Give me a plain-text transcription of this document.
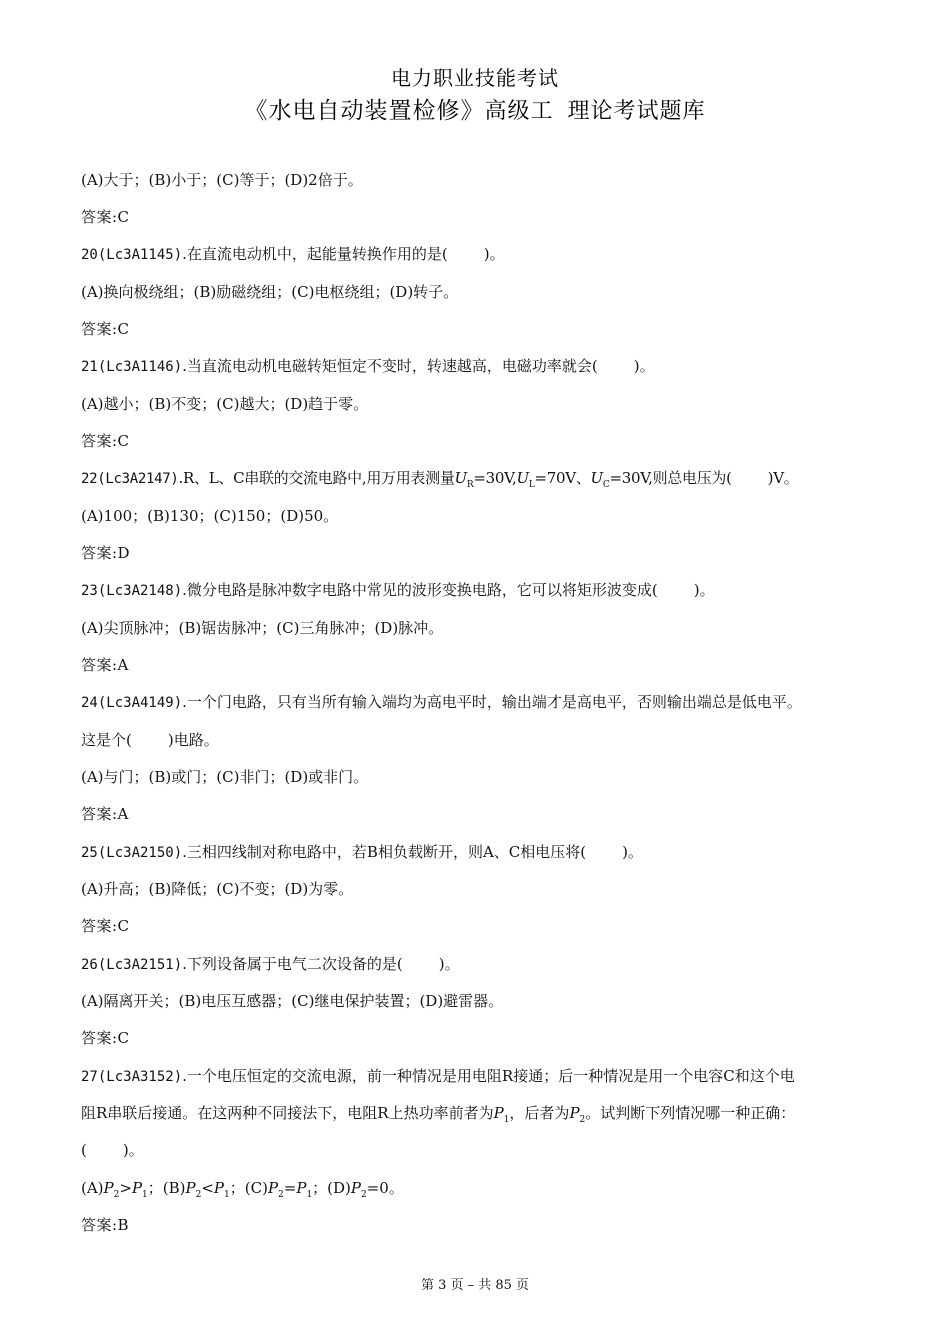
电力职业技能考试
《水电自动装置检修》高级工 理论考试题库
(A)大于；(B)小于；(C)等于；(D)2倍于。
答案:C
20(Lc3A1145).在直流电动机中，起能量转换作用的是( )。
(A)换向极绕组；(B)励磁绕组；(C)电枢绕组；(D)转子。
答案:C
21(Lc3A1146).当直流电动机电磁转矩恒定不变时，转速越高，电磁功率就会( )。
(A)越小；(B)不变；(C)越大；(D)趋于零。
答案:C
22(Lc3A2147).R、L、C串联的交流电路中,用万用表测量$U_R=30V,U_L=70V$、$U_C=30V$,则总电压为( )V。
(A)100；(B)130；(C)150；(D)50。
答案:D
23(Lc3A2148).微分电路是脉冲数字电路中常见的波形变换电路，它可以将矩形波变成( )。
(A)尖顶脉冲；(B)锯齿脉冲；(C)三角脉冲；(D)脉冲。
答案:A
24(Lc3A4149).一个门电路，只有当所有输入端均为高电平时，输出端才是高电平，否则输出端总是低电平。
这是个( )电路。
(A)与门；(B)或门；(C)非门；(D)或非门。
答案:A
25(Lc3A2150).三相四线制对称电路中，若B相负载断开，则A、C相电压将( )。
(A)升高；(B)降低；(C)不变；(D)为零。
答案:C
26(Lc3A2151).下列设备属于电气二次设备的是( )。
(A)隔离开关；(B)电压互感器；(C)继电保护装置；(D)避雷器。
答案:C
27(Lc3A3152).一个电压恒定的交流电源，前一种情况是用电阻R接通；后一种情况是用一个电容C和这个电
阻R串联后接通。在这两种不同接法下，电阻R上热功率前者为$P_1$，后者为$P_2$。试判断下列情况哪一种正确：
( )。
$(A)P_2>P_1$；$(B)P_2<P_1$；$(C)P_2=P_1$；$(D)P_2=0$。
答案:B
第 3 页 – 共 85 页
